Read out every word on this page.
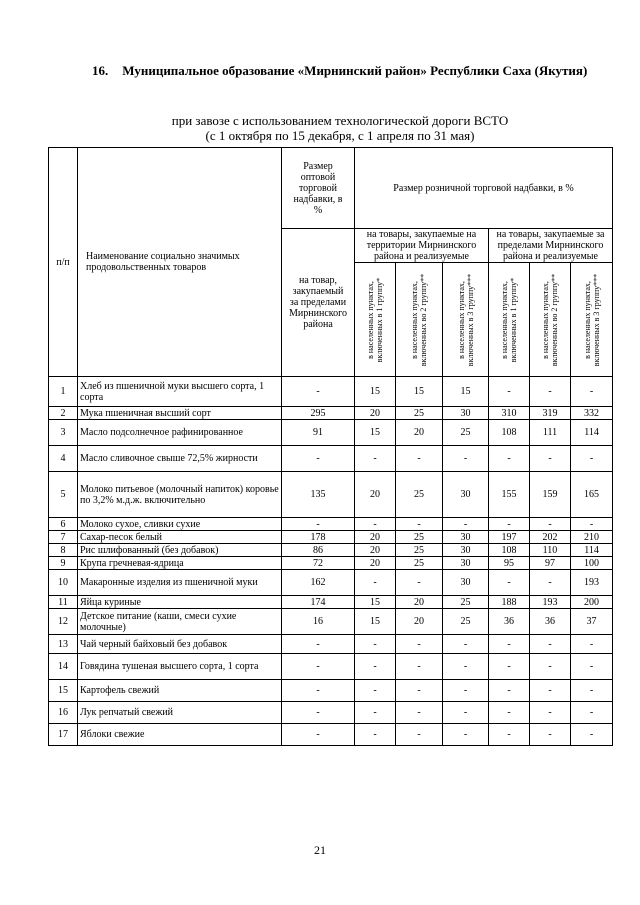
16. Муниципальное образование «Мирнинский район» Республики Саха (Якутия)
при завозе с использованием технологической дороги ВСТО
(с 1 октября по 15 декабря, с 1 апреля по 31 мая)
п/п	Наименование социально значимых продовольственных товаров	Размер оптовой торговой надбавки, в %	Размер розничной торговой надбавки, в %					
		на товар, закупаемый за пределами Мирнинского района	на товары, закупаемые на территории Мирнинского района и реализуемые			на товары, закупаемые за пределами Мирнинского района и реализуемые		

			в населенных пунктах, включенных в 1 группу*	в населенных пунктах, включенных во 2 группу**	в населенных пунктах, включенных в 3 группу***	в населенных пунктах, включенных в 1 группу*	в населенных пунктах, включенных во 2 группу**	в населенных пунктах, включенных в 3 группу***

1	Хлеб из пшеничной муки высшего сорта, 1 сорта	-	15	15	15	-	-	-
2	Мука пшеничная высший сорт	295	20	25	30	310	319	332
3	Масло подсолнечное рафинированное	91	15	20	25	108	111	114
4	Масло сливочное свыше 72,5% жирности	-	-	-	-	-	-	-
5	Молоко питьевое (молочный напиток) коровье по 3,2% м.д.ж. включительно	135	20	25	30	155	159	165
6	Молоко сухое, сливки сухие	-	-	-	-	-	-	-
7	Сахар-песок белый	178	20	25	30	197	202	210
8	Рис шлифованный (без добавок)	86	20	25	30	108	110	114
9	Крупа гречневая-ядрица	72	20	25	30	95	97	100
10	Макаронные изделия из пшеничной муки	162	-	-	30	-	-	193
11	Яйца куриные	174	15	20	25	188	193	200
12	Детское питание (каши, смеси сухие молочные)	16	15	20	25	36	36	37
13	Чай черный байховый без добавок	-	-	-	-	-	-	-
14	Говядина тушеная высшего сорта, 1 сорта	-	-	-	-	-	-	-
15	Картофель свежий	-	-	-	-	-	-	-
16	Лук репчатый свежий	-	-	-	-	-	-	-
17	Яблоки свежие	-	-	-	-	-	-	-
21
